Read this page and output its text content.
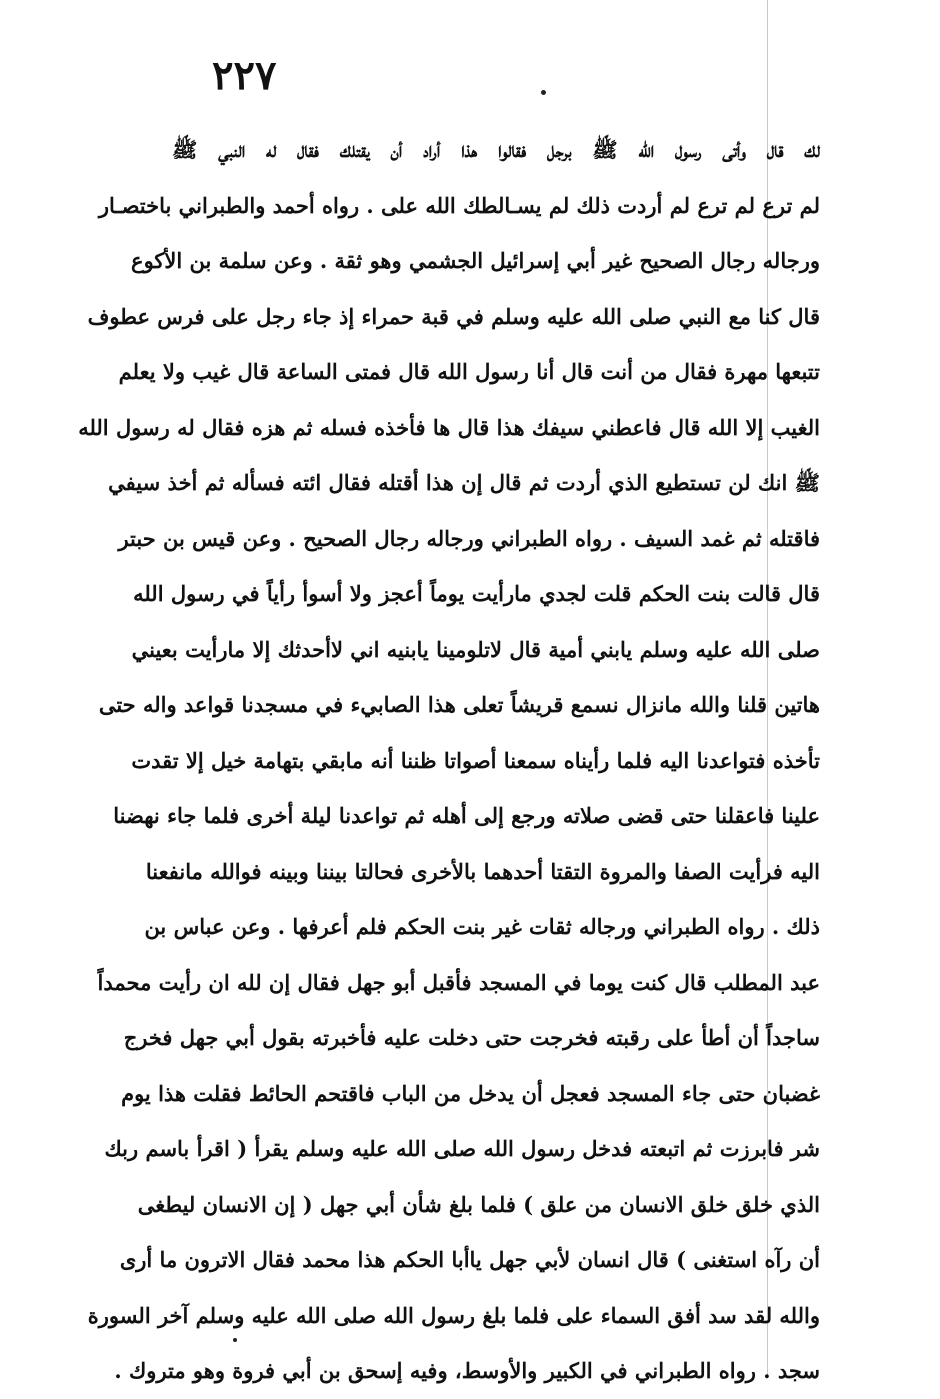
٢٢٧
لك قال وأتى رسول الله ﷺ برجل فقالوا هذا أراد أن يقتلك فقال له النبي ﷺ
لم ترع لم ترع لم أردت ذلك لم يسـالطك الله على . رواه أحمد والطبراني باختصـار
ورجاله رجال الصحيح غير أبي إسرائيل الجشمي وهو ثقة . وعن سلمة بن الأكوع
قال كنا مع النبي صلى الله عليه وسلم في قبة حمراء إذ جاء رجل على فرس عطوف
تتبعها مهرة فقال من أنت قال أنا رسول الله قال فمتى الساعة قال غيب ولا يعلم
الغيب إلا الله قال فاعطني سيفك هذا قال ها فأخذه فسله ثم هزه فقال له رسول الله
ﷺ انك لن تستطيع الذي أردت ثم قال إن هذا أقتله فقال ائته فسأله ثم أخذ سيفي
فاقتله ثم غمد السيف . رواه الطبراني ورجاله رجال الصحيح . وعن قيس بن حبتر
قال قالت بنت الحكم قلت لجدي مارأيت يوماً أعجز ولا أسوأ رأياً في رسول الله
صلى الله عليه وسلم يابني أمية قال لاتلومينا يابنيه اني لاأحدثك إلا مارأيت بعيني
هاتين قلنا والله مانزال نسمع قريشاً تعلى هذا الصابيء في مسجدنا قواعد واله حتى
تأخذه فتواعدنا اليه فلما رأيناه سمعنا أصواتا ظننا أنه مابقي بتهامة خيل إلا تقدت
علينا فاعقلنا حتى قضى صلاته ورجع إلى أهله ثم تواعدنا ليلة أخرى فلما جاء نهضنا
اليه فرأيت الصفا والمروة التقتا أحدهما بالأخرى فحالتا بيننا وبينه فوالله مانفعنا
ذلك . رواه الطبراني ورجاله ثقات غير بنت الحكم فلم أعرفها . وعن عباس بن
عبد المطلب قال كنت يوما في المسجد فأقبل أبو جهل فقال إن لله ان رأيت محمداً
ساجداً أن أطأ على رقبته فخرجت حتى دخلت عليه فأخبرته بقول أبي جهل فخرج
غضبان حتى جاء المسجد فعجل أن يدخل من الباب فاقتحم الحائط فقلت هذا يوم
شر فابرزت ثم اتبعته فدخل رسول الله صلى الله عليه وسلم يقرأ ( اقرأ باسم ربك
الذي خلق خلق الانسان من علق ) فلما بلغ شأن أبي جهل ( إن الانسان ليطغى
أن رآه استغنى ) قال انسان لأبي جهل ياأبا الحكم هذا محمد فقال الاترون ما أرى
والله لقد سد أفق السماء على فلما بلغ رسول الله صلى الله عليه وسلم آخر السورة
سجد . رواه الطبراني في الكبير والأوسط، وفيه إسحق بن أبي فروة وهو متروك .
